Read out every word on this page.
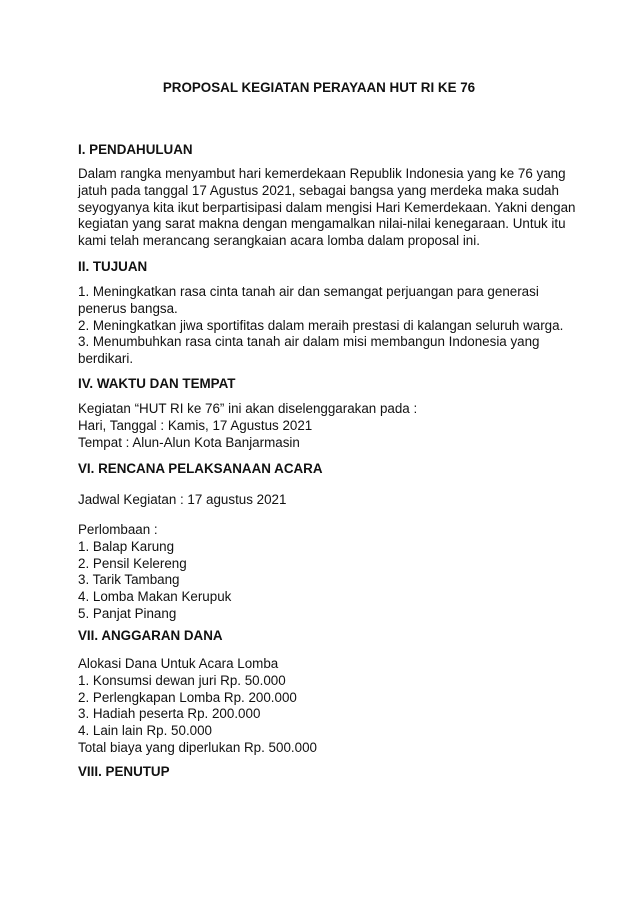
PROPOSAL KEGIATAN PERAYAAN HUT RI KE 76
I. PENDAHULUAN
Dalam rangka menyambut hari kemerdekaan Republik Indonesia yang ke 76 yang
jatuh pada tanggal 17 Agustus 2021, sebagai bangsa yang merdeka maka sudah
seyogyanya kita ikut berpartisipasi dalam mengisi Hari Kemerdekaan. Yakni dengan
kegiatan yang sarat makna dengan mengamalkan nilai-nilai kenegaraan. Untuk itu
kami telah merancang serangkaian acara lomba dalam proposal ini.
II. TUJUAN
1. Meningkatkan rasa cinta tanah air dan semangat perjuangan para generasi
penerus bangsa.
2. Meningkatkan jiwa sportifitas dalam meraih prestasi di kalangan seluruh warga.
3. Menumbuhkan rasa cinta tanah air dalam misi membangun Indonesia yang
berdikari.
IV. WAKTU DAN TEMPAT
Kegiatan “HUT RI ke 76” ini akan diselenggarakan pada :
Hari, Tanggal : Kamis, 17 Agustus 2021
Tempat : Alun-Alun Kota Banjarmasin
VI. RENCANA PELAKSANAAN ACARA
Jadwal Kegiatan : 17 agustus 2021
Perlombaan :
1. Balap Karung
2. Pensil Kelereng
3. Tarik Tambang
4. Lomba Makan Kerupuk
5. Panjat Pinang
VII. ANGGARAN DANA
Alokasi Dana Untuk Acara Lomba
1. Konsumsi dewan juri Rp. 50.000
2. Perlengkapan Lomba Rp. 200.000
3. Hadiah peserta Rp. 200.000
4. Lain lain Rp. 50.000
Total biaya yang diperlukan Rp. 500.000
VIII. PENUTUP
